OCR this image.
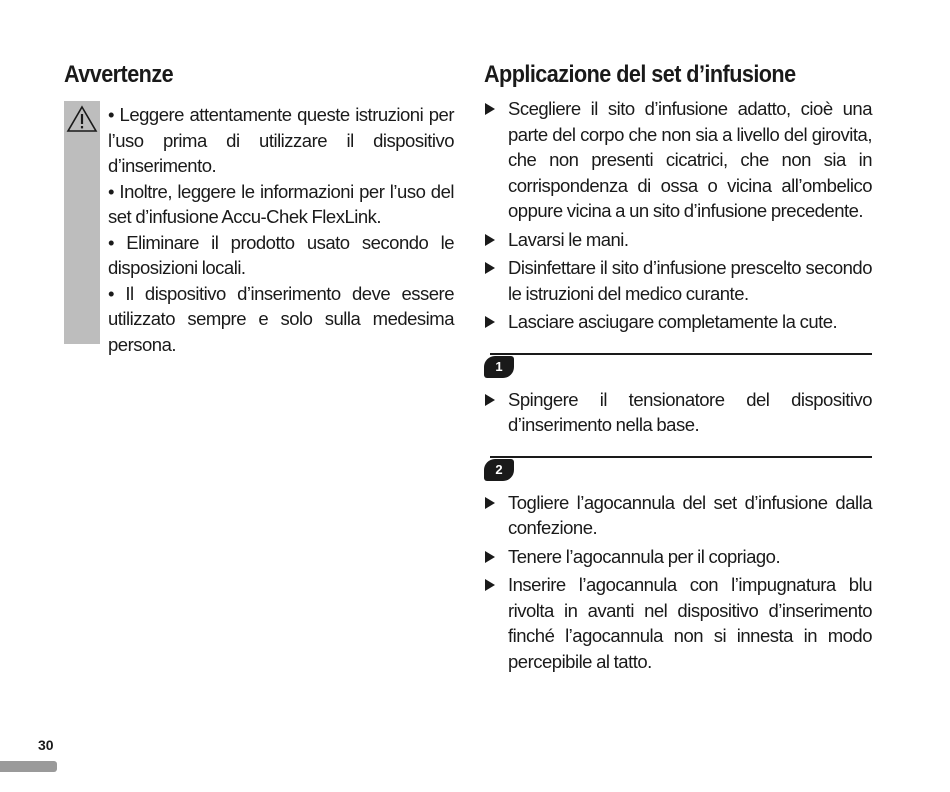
Avvertenze
• Leggere attentamente queste istruzioni per l’uso prima di utilizzare il dispositivo d’inserimento.
• Inoltre, leggere le informazioni per l’uso del set d’infusione Accu-Chek FlexLink.
• Eliminare il prodotto usato secondo le disposizioni locali.
• Il dispositivo d’inserimento deve essere utilizzato sempre e solo sulla medesima persona.
Applicazione del set d’infusione
Scegliere il sito d’infusione adatto, cioè una parte del corpo che non sia a livello del girovita, che non presenti cicatrici, che non sia in corrispondenza di ossa o vicina all’ombelico oppure vicina a un sito d’infusione precedente.
Lavarsi le mani.
Disinfettare il sito d’infusione prescelto secondo le istruzioni del medico curante.
Lasciare asciugare completamente la cute.
1
Spingere il tensionatore del dispositivo d’inserimento nella base.
2
Togliere l’agocannula del set d’infusione dalla confezione.
Tenere l’agocannula per il copriago.
Inserire l’agocannula con l’impugnatura blu rivolta in avanti nel dispositivo d’inserimento finché l’agocannula non si innesta in modo percepibile al tatto.
30
